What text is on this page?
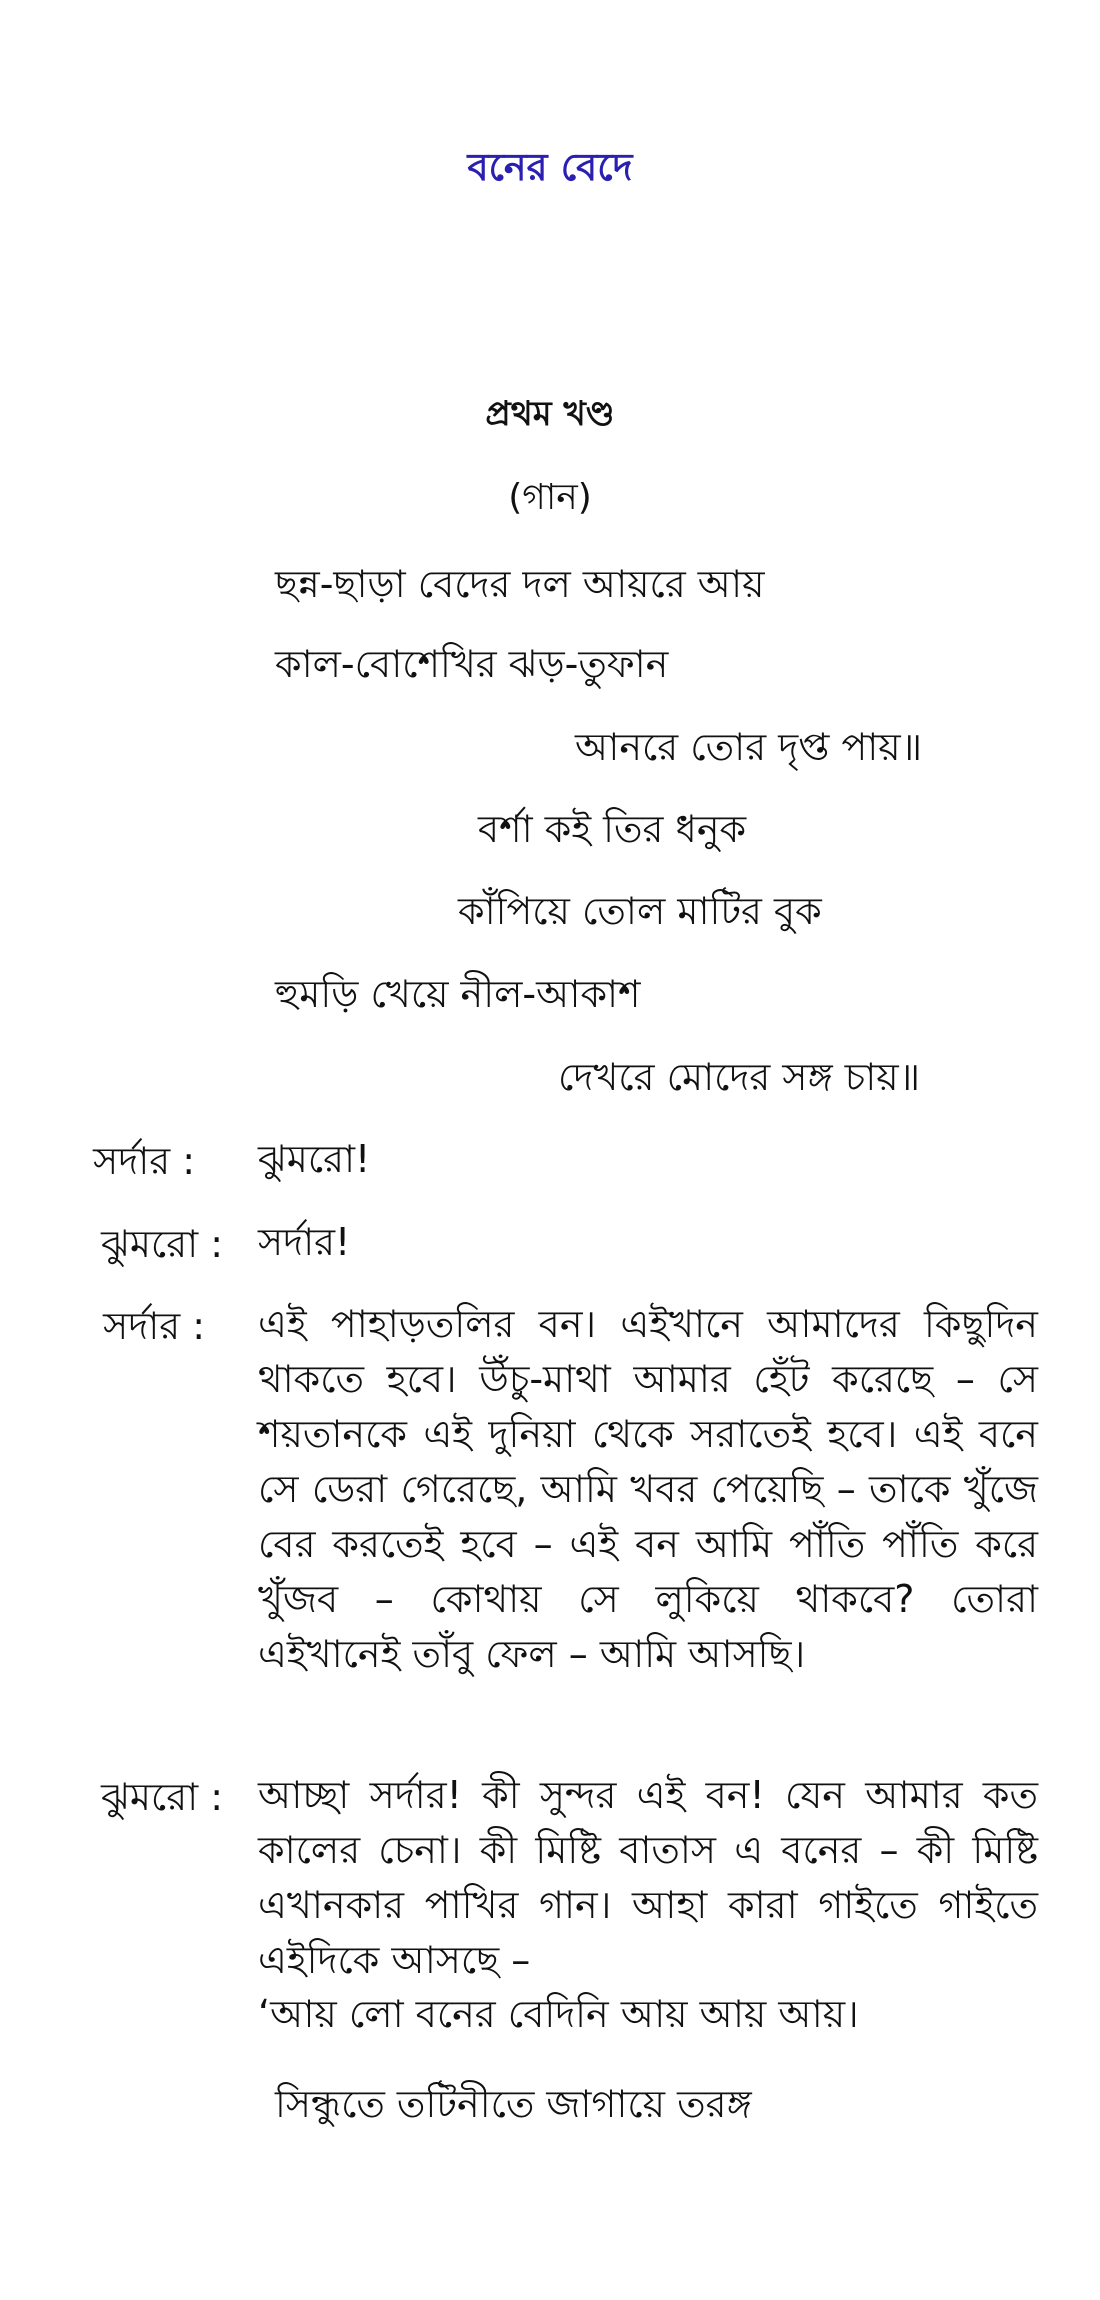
বনের বেদে
প্রথম খণ্ড
(গান)
ছন্ন-ছাড়া বেদের দল আয়রে আয়
কাল-বোশেখির ঝড়-তুফান
আনরে তোর দৃপ্ত পায়॥
বর্শা কই তির ধনুক
কাঁপিয়ে তোল মাটির বুক
হুমড়ি খেয়ে নীল-আকাশ
দেখরে মোদের সঙ্গ চায়॥
সর্দার : ঝুমরো!
ঝুমরো : সর্দার!
সর্দার : এই পাহাড়তলির বন। এইখানে আমাদের কিছুদিন থাকতে হবে। উঁচু-মাথা আমার হেঁট করেছে – সে শয়তানকে এই দুনিয়া থেকে সরাতেই হবে। এই বনে সে ডেরা গেরেছে, আমি খবর পেয়েছি – তাকে খুঁজে বের করতেই হবে – এই বন আমি পাঁতি পাঁতি করে খুঁজব – কোথায় সে লুকিয়ে থাকবে? তোরা এইখানেই তাঁবু ফেল – আমি আসছি।
ঝুমরো : আচ্ছা সর্দার! কী সুন্দর এই বন! যেন আমার কত কালের চেনা। কী মিষ্টি বাতাস এ বনের – কী মিষ্টি এখানকার পাখির গান। আহা কারা গাইতে গাইতে এইদিকে আসছে –
‘আয় লো বনের বেদিনি আয় আয় আয়।
সিন্ধুতে তটিনীতে জাগায়ে তরঙ্গ
